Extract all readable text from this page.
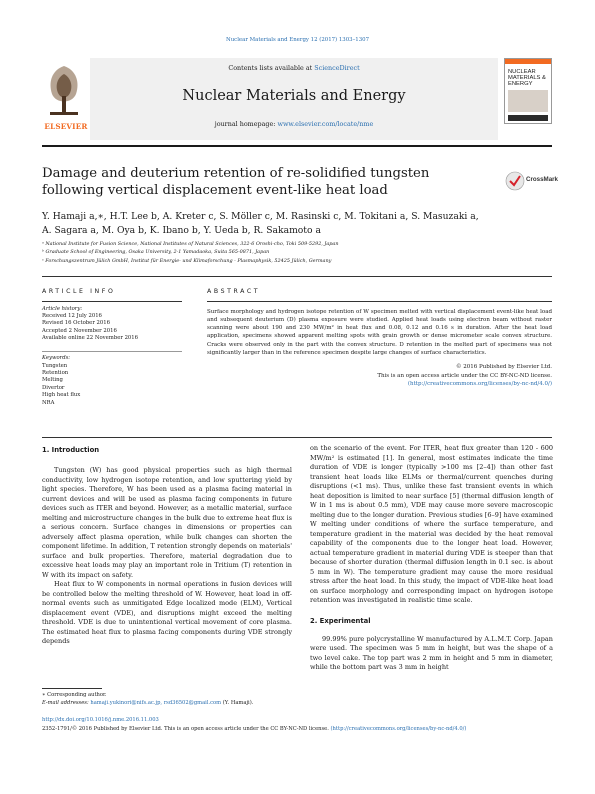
Nuclear Materials and Energy 12 (2017) 1303–1307
ELSEVIER
Contents lists available at ScienceDirect
Nuclear Materials and Energy
journal homepage: www.elsevier.com/locate/nme
NUCLEAR MATERIALS & ENERGY
Damage and deuterium retention of re-solidified tungsten following vertical displacement event-like heat load
CrossMark
Y. Hamaji a,∗, H.T. Lee b, A. Kreter c, S. Möller c, M. Rasinski c, M. Tokitani a, S. Masuzaki a,
A. Sagara a, M. Oya b, K. Ibano b, Y. Ueda b, R. Sakamoto a
ᵃ National Institute for Fusion Science, National Institutes of Natural Sciences, 322-6 Oroshi-cho, Toki 509-5292, Japan
ᵇ Graduate School of Engineering, Osaka University, 2-1 Yamadaoka, Suita 565-0871, Japan
ᶜ Forschungszentrum Jülich GmbH, Institut für Energie- und Klimaforschung - Plasmaphysik, 52425 Jülich, Germany
ARTICLE INFO
Article history:
Received 12 July 2016
Revised 16 October 2016
Accepted 2 November 2016
Available online 22 November 2016
Keywords:
Tungsten
Retention
Melting
Divertor
High heat flux
NRA
ABSTRACT
Surface morphology and hydrogen isotope retention of W specimen melted with vertical displacement event-like heat load and subsequent deuterium (D) plasma exposure were studied. Applied heat loads using electron beam without raster scanning were about 190 and 230 MW/m² in heat flux and 0.08, 0.12 and 0.16 s in duration. After the heat load application, specimens showed apparent melting spots with grain growth or dense micrometer scale convex structure. Cracks were observed only in the part with the convex structure. D retention in the melted part of specimens was not significantly larger than in the reference specimen despite large changes of surface characteristics.
© 2016 Published by Elsevier Ltd.
This is an open access article under the CC BY-NC-ND license.
(http://creativecommons.org/licenses/by-nc-nd/4.0/)
1. Introduction
Tungsten (W) has good physical properties such as high thermal conductivity, low hydrogen isotope retention, and low sputtering yield by light species. Therefore, W has been used as a plasma facing material in current devices and will be used as plasma facing components in future devices such as ITER and beyond. However, as a metallic material, surface melting and microstructure changes in the bulk due to extreme heat flux is a serious concern. Surface changes in dimensions or properties can adversely affect plasma operation, while bulk changes can shorten the component lifetime. In addition, T retention strongly depends on materials' surface and bulk properties. Therefore, material degradation due to excessive heat loads may play an important role in Tritium (T) retention in W with its impact on safety.
Heat flux to W components in normal operations in fusion devices will be controlled below the melting threshold of W. However, heat load in off-normal events such as unmitigated Edge localized mode (ELM), Vertical displacement event (VDE), and disruptions might exceed the melting threshold. VDE is due to unintentional vertical movement of core plasma. The estimated heat flux to plasma facing components during VDE strongly depends
∗ Corresponding author.
E-mail addresses: hamaji.yukinori@nifs.ac.jp, rsd36502@gmail.com (Y. Hamaji).
on the scenario of the event. For ITER, heat flux greater than 120 - 600 MW/m² is estimated [1]. In general, most estimates indicate the time duration of VDE is longer (typically >100 ms [2–4]) than other fast transient heat loads like ELMs or thermal/current quenches during disruptions (<1 ms). Thus, unlike these fast transient events in which heat deposition is limited to near surface [5] (thermal diffusion length of W in 1 ms is about 0.5 mm), VDE may cause more severe macroscopic melting due to the longer duration. Previous studies [6–9] have examined W melting under conditions of where the surface temperature, and temperature gradient in the material was decided by the heat removal capability of the components due to the longer heat load. However, actual temperature gradient in material during VDE is steeper than that because of shorter duration (thermal diffusion length in 0.1 sec. is about 5 mm in W). The temperature gradient may cause the more residual stress after the heat load. In this study, the impact of VDE-like heat load on surface morphology and corresponding impact on hydrogen isotope retention was investigated in realistic time scale.
2. Experimental
99.99% pure polycrystalline W manufactured by A.L.M.T. Corp. Japan were used. The specimen was 5 mm in height, but was the shape of a two level cake. The top part was 2 mm in height and 5 mm in diameter, while the bottom part was 3 mm in height
http://dx.doi.org/10.1016/j.nme.2016.11.003
2352-1791/© 2016 Published by Elsevier Ltd. This is an open access article under the CC BY-NC-ND license. (http://creativecommons.org/licenses/by-nc-nd/4.0/)
